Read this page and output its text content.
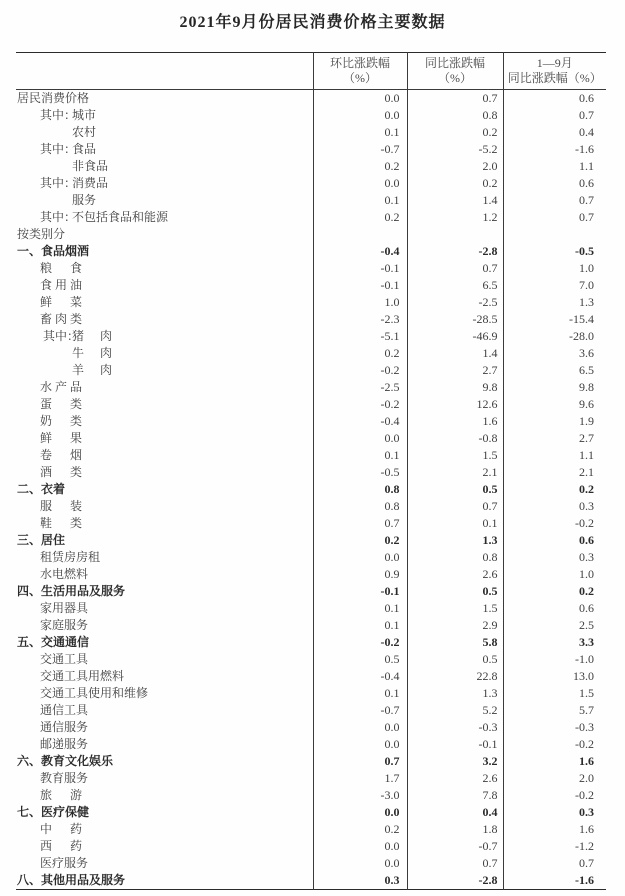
2021年9月份居民消费价格主要数据

环比涨跌幅
（%）

同比涨跌幅
（%）

1—9月
同比涨跌幅（%）

居民消费价格	0.0	0.7	0.6
其中：城市	0.0	0.8	0.7
农村	0.1	0.2	0.4
其中：食品	-0.7	-5.2	-1.6
非食品	0.2	2.0	1.1
其中：消费品	0.0	0.2	0.6
服务	0.1	1.4	0.7
其中：不包括食品和能源	0.2	1.2	0.7
按类别分			
一、食品烟酒	-0.4	-2.8	-0.5
粮食	-0.1	0.7	1.0
食用油	-0.1	6.5	7.0
鲜菜	1.0	-2.5	1.3
畜肉类	-2.3	-28.5	-15.4
其中：猪肉	-5.1	-46.9	-28.0
牛肉	0.2	1.4	3.6
羊肉	-0.2	2.7	6.5
水产品	-2.5	9.8	9.8
蛋类	-0.2	12.6	9.6
奶类	-0.4	1.6	1.9
鲜果	0.0	-0.8	2.7
卷烟	0.1	1.5	1.1
酒类	-0.5	2.1	2.1
二、衣着	0.8	0.5	0.2
服装	0.8	0.7	0.3
鞋类	0.7	0.1	-0.2
三、居住	0.2	1.3	0.6
租赁房房租	0.0	0.8	0.3
水电燃料	0.9	2.6	1.0
四、生活用品及服务	-0.1	0.5	0.2
家用器具	0.1	1.5	0.6
家庭服务	0.1	2.9	2.5
五、交通通信	-0.2	5.8	3.3
交通工具	0.5	0.5	-1.0
交通工具用燃料	-0.4	22.8	13.0
交通工具使用和维修	0.1	1.3	1.5
通信工具	-0.7	5.2	5.7
通信服务	0.0	-0.3	-0.3
邮递服务	0.0	-0.1	-0.2
六、教育文化娱乐	0.7	3.2	1.6
教育服务	1.7	2.6	2.0
旅游	-3.0	7.8	-0.2
七、医疗保健	0.0	0.4	0.3
中药	0.2	1.8	1.6
西药	0.0	-0.7	-1.2
医疗服务	0.0	0.7	0.7
八、其他用品及服务	0.3	-2.8	-1.6
